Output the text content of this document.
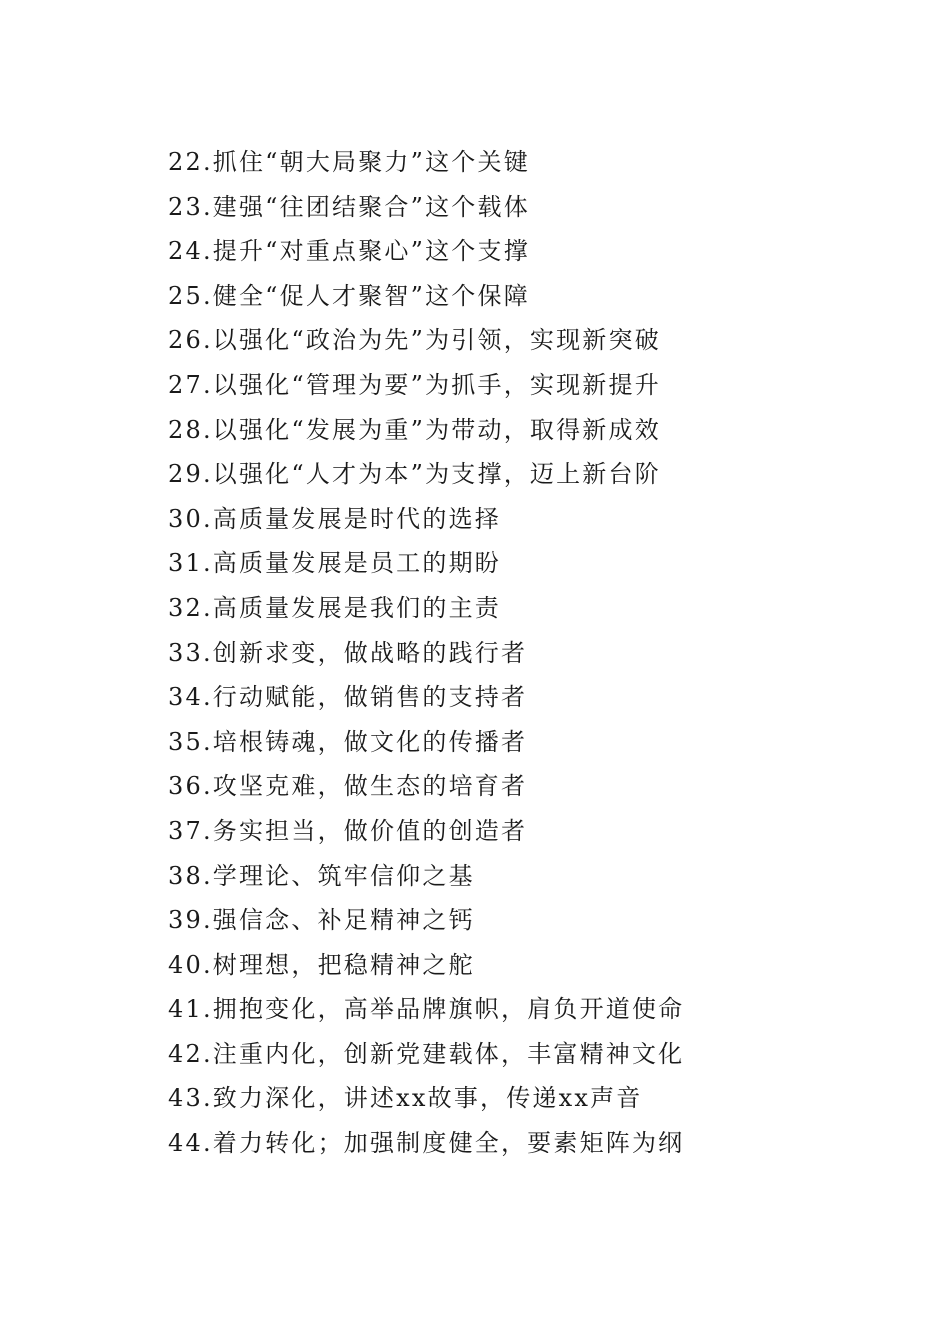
22.抓住“朝大局聚力”这个关键
23.建强“往团结聚合”这个载体
24.提升“对重点聚心”这个支撑
25.健全“促人才聚智”这个保障
26.以强化“政治为先”为引领，实现新突破
27.以强化“管理为要”为抓手，实现新提升
28.以强化“发展为重”为带动，取得新成效
29.以强化“人才为本”为支撑，迈上新台阶
30.高质量发展是时代的选择
31.高质量发展是员工的期盼
32.高质量发展是我们的主责
33.创新求变，做战略的践行者
34.行动赋能，做销售的支持者
35.培根铸魂，做文化的传播者
36.攻坚克难，做生态的培育者
37.务实担当，做价值的创造者
38.学理论、筑牢信仰之基
39.强信念、补足精神之钙
40.树理想，把稳精神之舵
41.拥抱变化，高举品牌旗帜，肩负开道使命
42.注重内化，创新党建载体，丰富精神文化
43.致力深化，讲述xx故事，传递xx声音
44.着力转化；加强制度健全，要素矩阵为纲
